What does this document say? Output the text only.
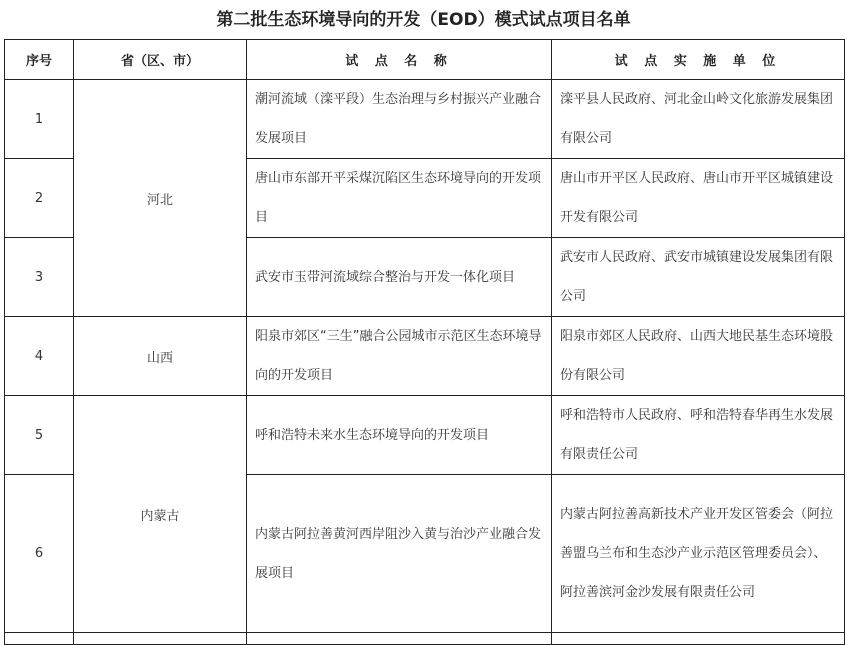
第二批生态环境导向的开发（EOD）模式试点项目名单
序号	省（区、市）	试 点 名 称	试 点 实 施 单 位
1	河北	潮河流域（滦平段）生态治理与乡村振兴产业融合发展项目	滦平县人民政府、河北金山岭文化旅游发展集团有限公司
2		唐山市东部开平采煤沉陷区生态环境导向的开发项目	唐山市开平区人民政府、唐山市开平区城镇建设开发有限公司
3		武安市玉带河流域综合整治与开发一体化项目	武安市人民政府、武安市城镇建设发展集团有限公司
4	山西	阳泉市郊区“三生”融合公园城市示范区生态环境导向的开发项目	阳泉市郊区人民政府、山西大地民基生态环境股份有限公司
5	内蒙古	呼和浩特未来水生态环境导向的开发项目	呼和浩特市人民政府、呼和浩特春华再生水发展有限责任公司
6		内蒙古阿拉善黄河西岸阻沙入黄与治沙产业融合发展项目	内蒙古阿拉善高新技术产业开发区管委会（阿拉善盟乌兰布和生态沙产业示范区管理委员会）、阿拉善滨河金沙发展有限责任公司
